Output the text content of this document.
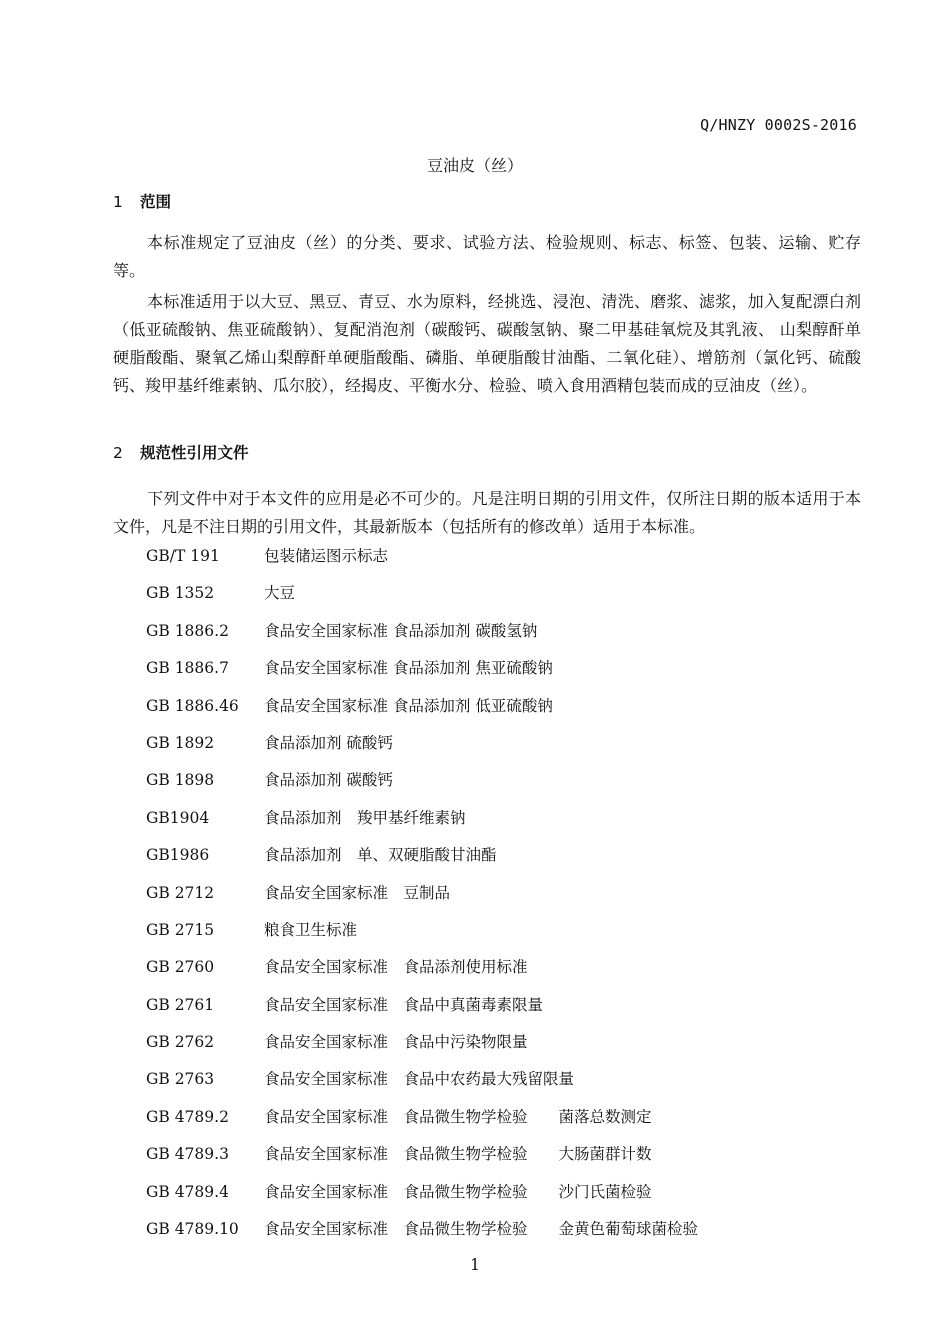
Q/HNZY 0002S-2016
豆油皮（丝）
1 范围

本标准规定了豆油皮（丝）的分类、要求、试验方法、检验规则、标志、标签、包装、运输、贮存等。

本标准适用于以大豆、黑豆、青豆、水为原料，经挑选、浸泡、清洗、磨浆、滤浆，加入复配漂白剂（低亚硫酸钠、焦亚硫酸钠）、复配消泡剂（碳酸钙、碳酸氢钠、聚二甲基硅氧烷及其乳液、 山梨醇酐单硬脂酸酯、聚氧乙烯山梨醇酐单硬脂酸酯、磷脂、单硬脂酸甘油酯、二氧化硅）、增筋剂（氯化钙、硫酸钙、羧甲基纤维素钠、瓜尔胶），经揭皮、平衡水分、检验、喷入食用酒精包装而成的豆油皮（丝）。

2 规范性引用文件

下列文件中对于本文件的应用是必不可少的。凡是注明日期的引用文件，仅所注日期的版本适用于本文件，凡是不注日期的引用文件，其最新版本（包括所有的修改单）适用于本标准。

GB/T 191	包装储运图示标志
GB 1352	大豆
GB 1886.2 食品安全国家标准 食品添加剂 碳酸氢钠
GB 1886.7 食品安全国家标准 食品添加剂 焦亚硫酸钠
GB 1886.46 食品安全国家标准 食品添加剂 低亚硫酸钠
GB 1892	食品添加剂 硫酸钙
GB 1898	食品添加剂 碳酸钙
GB1904	食品添加剂　羧甲基纤维素钠
GB1986	食品添加剂　单、双硬脂酸甘油酯
GB 2712	食品安全国家标准　豆制品
GB 2715	粮食卫生标准
GB 2760	食品安全国家标准　食品添剂使用标准
GB 2761	食品安全国家标准　食品中真菌毒素限量
GB 2762	食品安全国家标准　食品中污染物限量
GB 2763	食品安全国家标准　食品中农药最大残留限量
GB 4789.2 食品安全国家标准　食品微生物学检验　　菌落总数测定
GB 4789.3 食品安全国家标准　食品微生物学检验　　大肠菌群计数
GB 4789.4 食品安全国家标准　食品微生物学检验　　沙门氏菌检验
GB 4789.10 食品安全国家标准　食品微生物学检验　　金黄色葡萄球菌检验
1
